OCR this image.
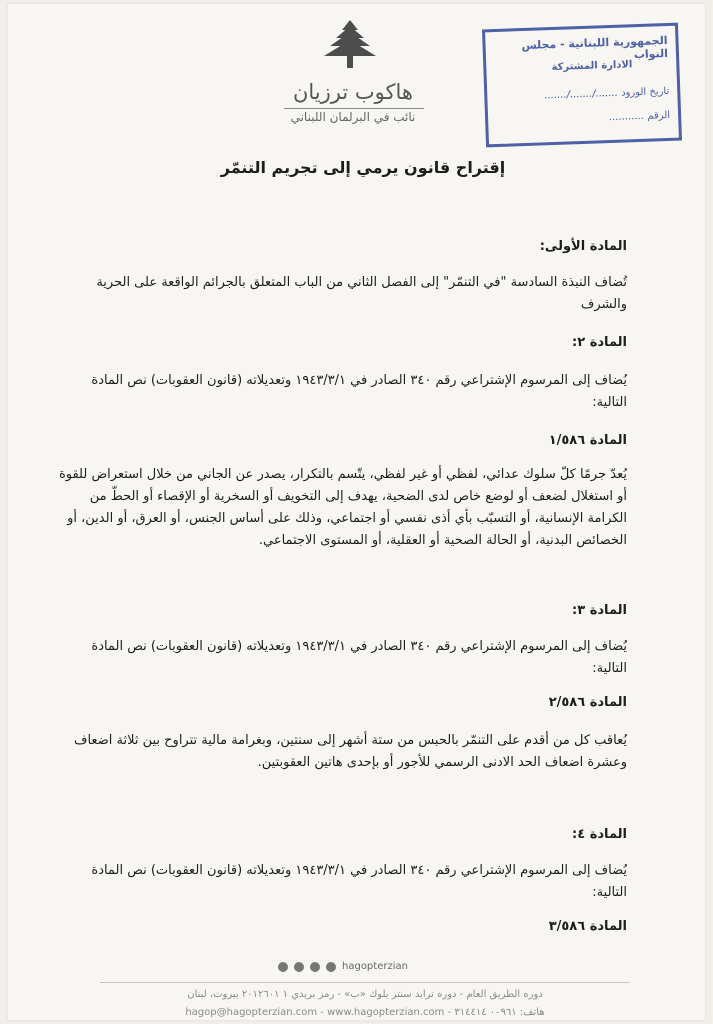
هاكوب ترزيان
نائب في البرلمان اللبناني
الجمهورية اللبنانية - مجلس النواب
الادارة المشتركة
تاريخ الورود ......./......./.......
الرقم ...........
إقتراح قانون يرمي إلى تجريم التنمّر
المادة الأولى:
تُضاف النبذة السادسة "في التنمّر" إلى الفصل الثاني من الباب المتعلق بالجرائم الواقعة على الحرية والشرف
المادة ٢:
يُضاف إلى المرسوم الإشتراعي رقم ٣٤٠ الصادر في ١٩٤٣/٣/١ وتعديلاته (قانون العقوبات) نص المادة التالية:
المادة ١/٥٨٦
يُعدّ جرمًا كلّ سلوك عدائي، لفظي أو غير لفظي، يتّسم بالتكرار، يصدر عن الجاني من خلال استعراض للقوة أو استغلال لضعف أو لوضع خاص لدى الضحية، يهدف إلى التخويف أو السخرية أو الإقصاء أو الحطّ من الكرامة الإنسانية، أو التسبّب بأي أذى نفسي أو اجتماعي، وذلك على أساس الجنس، أو العرق، أو الدين، أو الخصائص البدنية، أو الحالة الصحية أو العقلية، أو المستوى الاجتماعي.
المادة ٣:
يُضاف إلى المرسوم الإشتراعي رقم ٣٤٠ الصادر في ١٩٤٣/٣/١ وتعديلاته (قانون العقوبات) نص المادة التالية:
المادة ٢/٥٨٦
يُعاقب كل من أقدم على التنمّر بالحبس من ستة أشهر إلى سنتين، وبغرامة مالية تتراوح بين ثلاثة اضعاف وعشرة اضعاف الحد الادنى الرسمي للأجور أو بإحدى هاتين العقوبتين.
المادة ٤:
يُضاف إلى المرسوم الإشتراعي رقم ٣٤٠ الصادر في ١٩٤٣/٣/١ وتعديلاته (قانون العقوبات) نص المادة التالية:
المادة ٣/٥٨٦
hagopterzian
دوره الطريق العام - دوره ترايد سنتر بلوك «ب» - رمز بريدي ١ ٢٠١٢٦٠١ بيروت، لبنان
هاتف: ٠٠٩٦١ ٣١٤٤١٤ - hagop@hagopterzian.com - www.hagopterzian.com
